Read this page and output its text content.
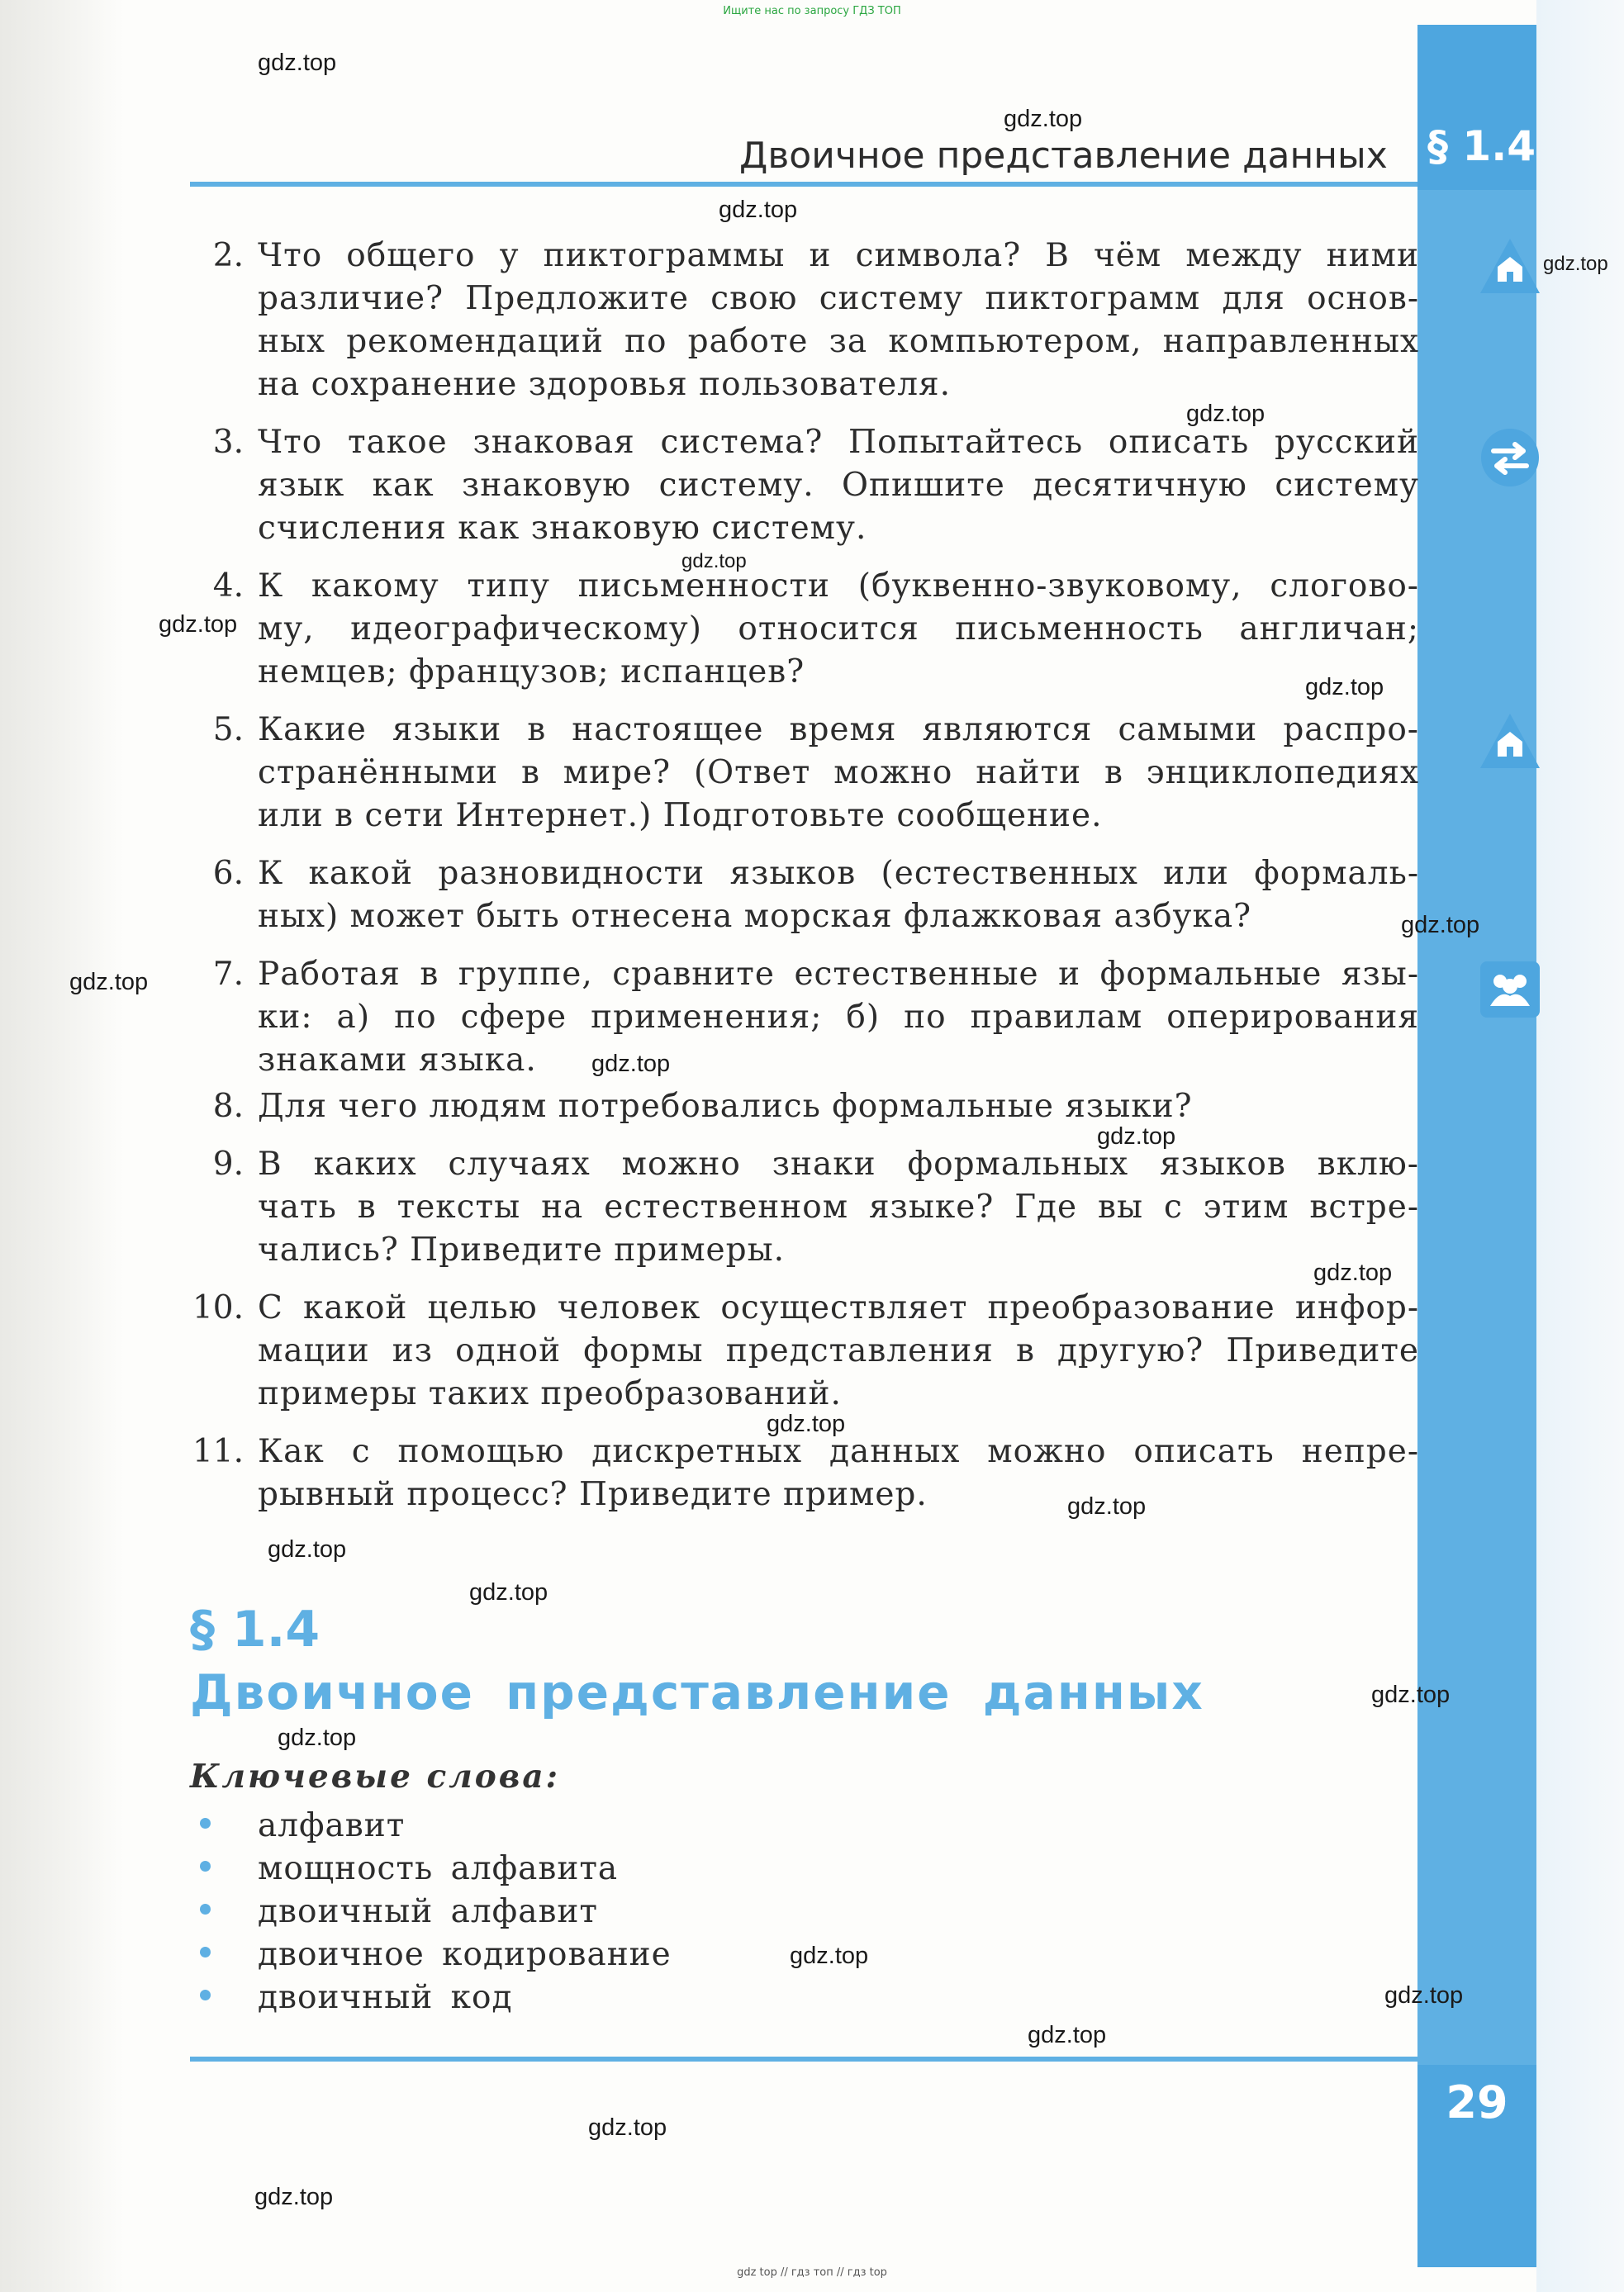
Ищите нас по запросу ГДЗ ТОП
Двоичное представление данных § 1.4
2. Что общего у пиктограммы и символа? В чём между ними
различие? Предложите свою систему пиктограмм для основ-
ных рекомендаций по работе за компьютером, направленных
на сохранение здоровья пользователя.
3. Что такое знаковая система? Попытайтесь описать русский
язык как знаковую систему. Опишите десятичную систему
счисления как знаковую систему.
4. К какому типу письменности (буквенно-звуковому, слогово-
му, идеографическому) относится письменность англичан;
немцев; французов; испанцев?
5. Какие языки в настоящее время являются самыми распро-
странёнными в мире? (Ответ можно найти в энциклопедиях
или в сети Интернет.) Подготовьте сообщение.
6. К какой разновидности языков (естественных или формаль-
ных) может быть отнесена морская флажковая азбука?
7. Работая в группе, сравните естественные и формальные язы-
ки: а) по сфере применения; б) по правилам оперирования
знаками языка.
8. Для чего людям потребовались формальные языки?
9. В каких случаях можно знаки формальных языков вклю-
чать в тексты на естественном языке? Где вы с этим встре-
чались? Приведите примеры.
10. С какой целью человек осуществляет преобразование инфор-
мации из одной формы представления в другую? Приведите
примеры таких преобразований.
11. Как с помощью дискретных данных можно описать непре-
рывный процесс? Приведите пример.
§ 1.4
Двоичное представление данных
Ключевые слова:
алфавит
мощность алфавита
двоичный алфавит
двоичное кодирование
двоичный код
29
gdz.top
gdz.top
gdz.top
gdz.top
gdz.top
gdz.top
gdz.top
gdz.top
gdz.top
gdz.top
gdz.top
gdz.top
gdz.top
gdz.top
gdz.top
gdz.top
gdz.top
gdz.top
gdz.top
gdz.top
gdz.top
gdz.top
gdz.top
gdz.top
gdz top // гдз топ // гдз top
